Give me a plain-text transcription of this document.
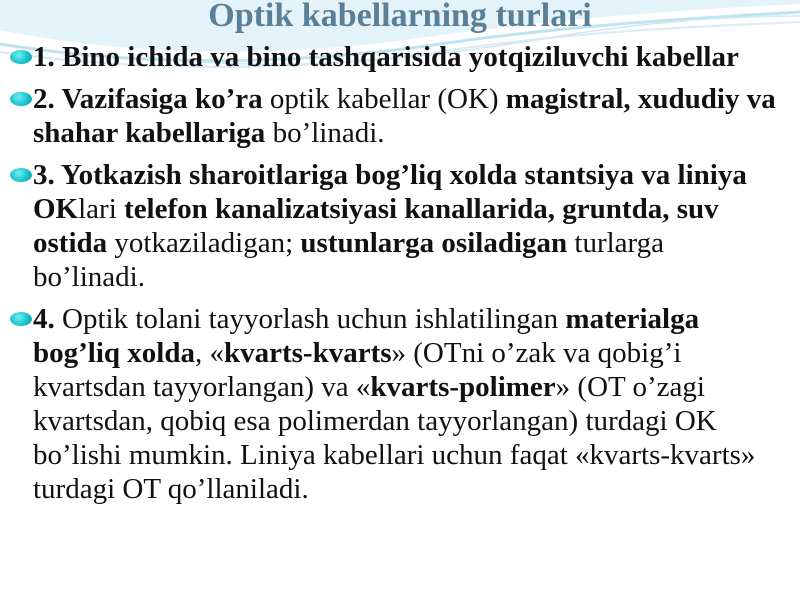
Optik kabellarning turlari
1. Bino ichida va bino tashqarisida yotqiziluvchi kabellar
2. Vazifasiga ko’ra optik kabellar (OK) magistral, xududiy va shahar kabellariga bo’linadi.
3. Yotkazish sharoitlariga bog’liq xolda stantsiya va liniya OKlari telefon kanalizatsiyasi kanallarida, gruntda, suv ostida yotkaziladigan; ustunlarga osiladigan turlarga bo’linadi.
4. Optik tolani tayyorlash uchun ishlatilingan materialga bog’liq xolda, «kvarts-kvarts» (OTni o’zak va qobig’i kvartsdan tayyorlangan) va «kvarts-polimer» (OT o’zagi kvartsdan, qobiq esa polimerdan tayyorlangan) turdagi OK bo’lishi mumkin. Liniya kabellari uchun faqat «kvarts-kvarts» turdagi OT qo’llaniladi.
